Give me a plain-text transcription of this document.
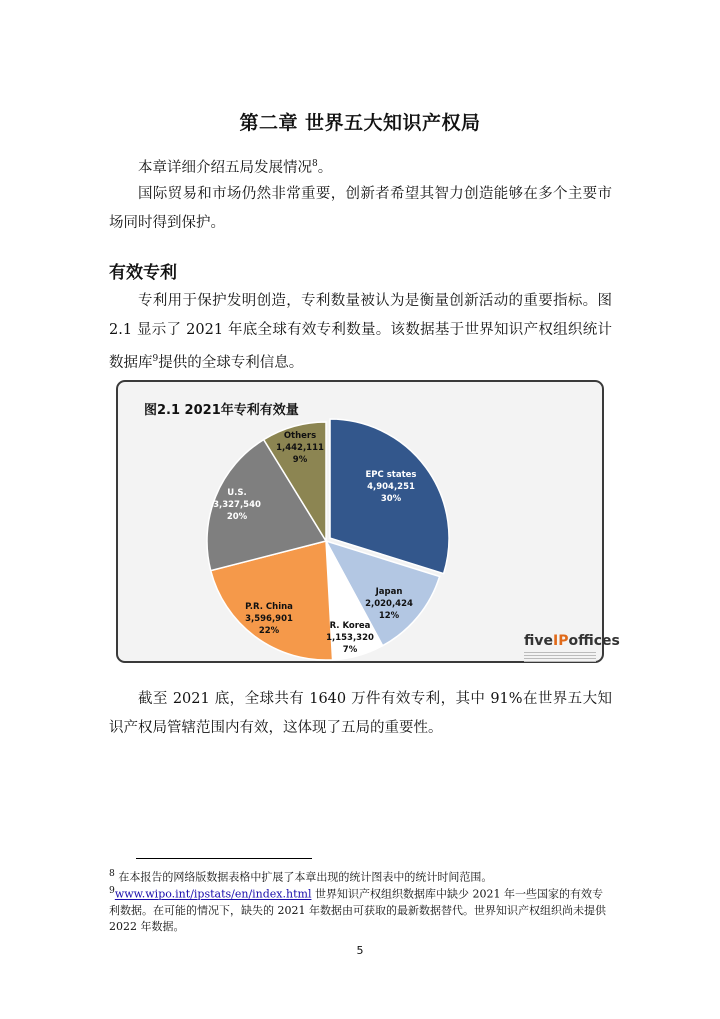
第二章 世界五大知识产权局
本章详细介绍五局发展情况$^8$。
国际贸易和市场仍然非常重要，创新者希望其智力创造能够在多个主要市场同时得到保护。
有效专利
专利用于保护发明创造，专利数量被认为是衡量创新活动的重要指标。图2.1 显示了 2021 年底全球有效专利数量。该数据基于世界知识产权组织统计数据库$^9$提供的全球专利信息。
图2.1 2021年专利有效量
EPC states 4,904,251 30%
Japan 2,020,424 12%
R. Korea 1,153,320 7%
P.R. China 3,596,901 22%
U.S. 3,327,540 20%
Others 1,442,111 9%
fiveIPoffices
截至 2021 底，全球共有 1640 万件有效专利，其中 91%在世界五大知识产权局管辖范围内有效，这体现了五局的重要性。
$^8$ 在本报告的网络版数据表格中扩展了本章出现的统计图表中的统计时间范围。
$^9$www.wipo.int/ipstats/en/index.html 世界知识产权组织数据库中缺少 2021 年一些国家的有效专利数据。在可能的情况下，缺失的 2021 年数据由可获取的最新数据替代。世界知识产权组织尚未提供 2022 年数据。
5
